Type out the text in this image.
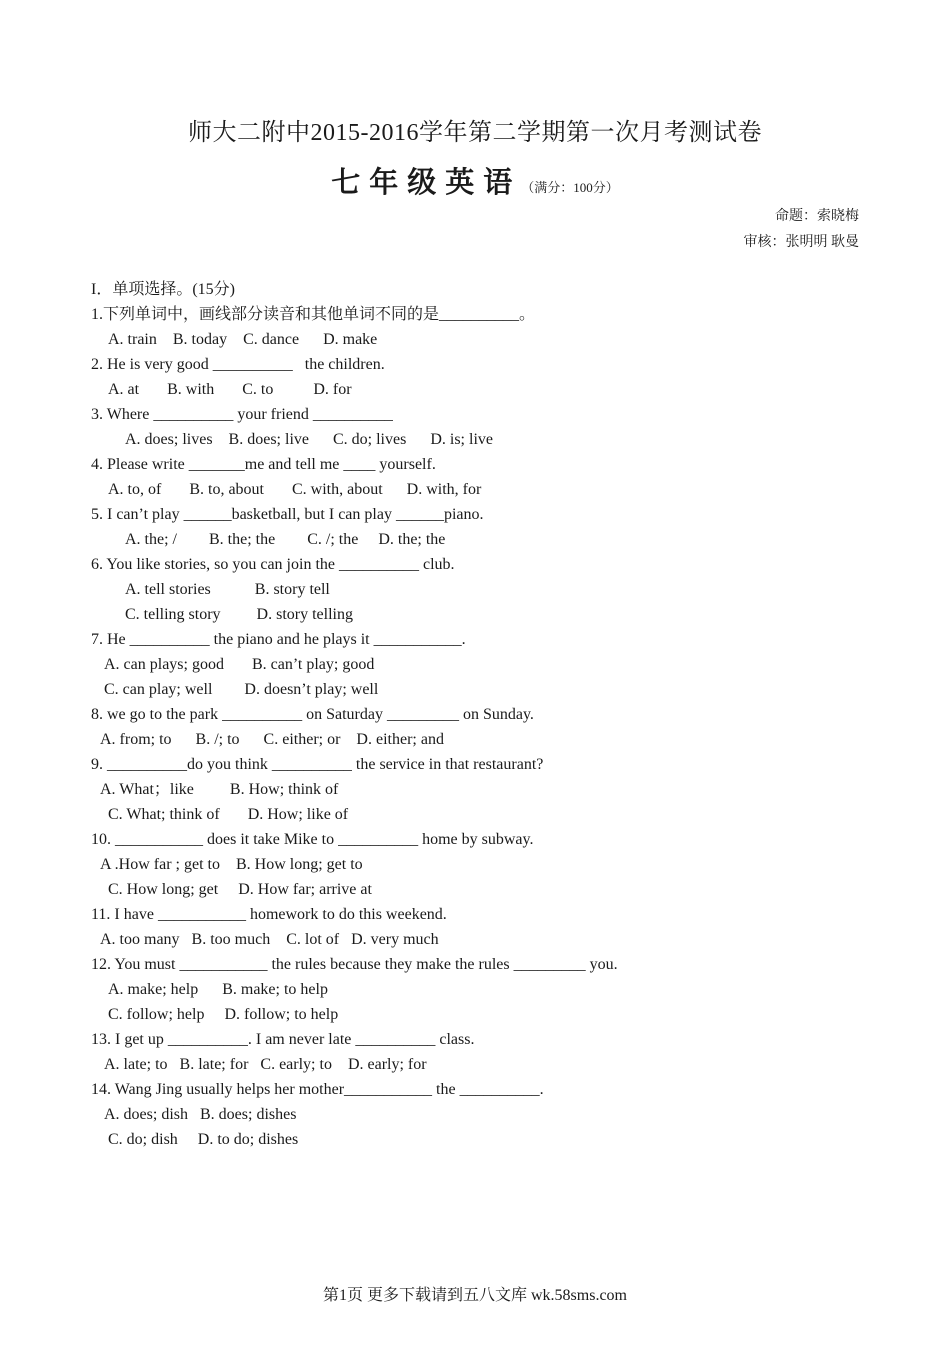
师大二附中2015-2016学年第二学期第一次月考测试卷
七年级英语（满分：100分）
命题：索晓梅
审核：张明明 耿曼
I．单项选择。(15分)
1.下列单词中，画线部分读音和其他单词不同的是__________。
A. train    B. today    C. dance      D. make
2. He is very good __________   the children.
A. at       B. with       C. to          D. for
3. Where __________ your friend __________
A. does; lives    B. does; live      C. do; lives      D. is; live
4. Please write _______me and tell me ____ yourself.
A. to, of       B. to, about       C. with, about      D. with, for
5. I can’t play ______basketball, but I can play ______piano.
A. the; /        B. the; the        C. /; the     D. the; the
6. You like stories, so you can join the __________ club.
A. tell stories           B. story tell
C. telling story         D. story telling
7. He __________ the piano and he plays it ___________.
A. can plays; good       B. can’t play; good
C. can play; well        D. doesn’t play; well
8. we go to the park __________ on Saturday _________ on Sunday.
A. from; to      B. /; to      C. either; or    D. either; and
9. __________do you think __________ the service in that restaurant?
A. What；like         B. How; think of
C. What; think of       D. How; like of
10. ___________ does it take Mike to __________ home by subway.
A .How far ; get to    B. How long; get to
C. How long; get     D. How far; arrive at
11. I have ___________ homework to do this weekend.
A. too many   B. too much    C. lot of   D. very much
12. You must ___________ the rules because they make the rules _________ you.
A. make; help      B. make; to help
C. follow; help     D. follow; to help
13. I get up __________. I am never late __________ class.
A. late; to   B. late; for   C. early; to    D. early; for
14. Wang Jing usually helps her mother___________ the __________.
A. does; dish   B. does; dishes
C. do; dish     D. to do; dishes
第1页 更多下载请到五八文库 wk.58sms.com
